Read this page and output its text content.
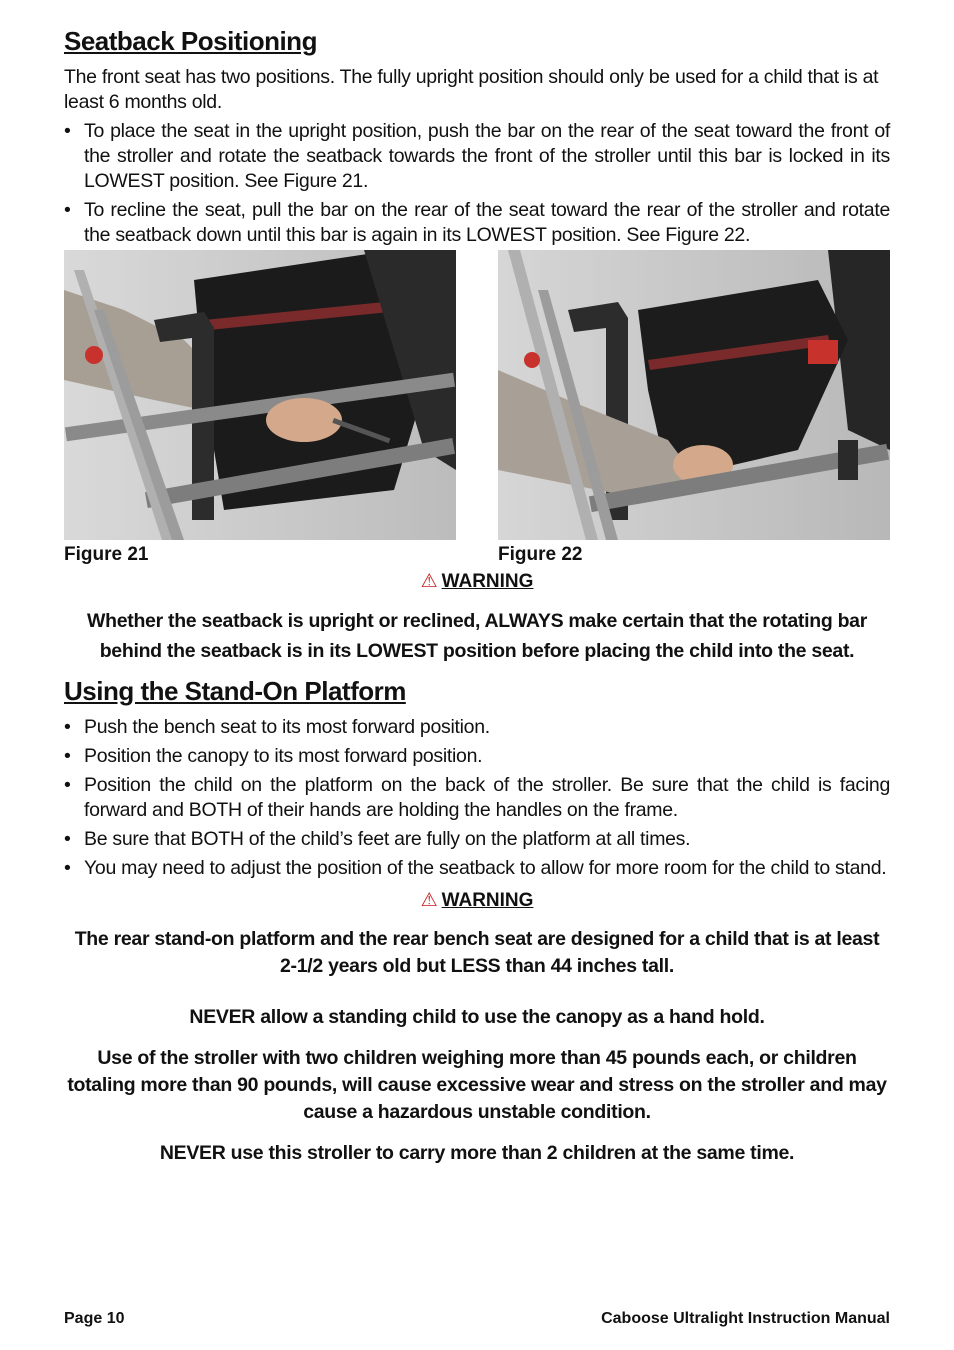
Seatback Positioning

The front seat has two positions. The fully upright position should only be used for a child that is at least 6 months old.

• To place the seat in the upright position, push the bar on the rear of the seat toward the front of the stroller and rotate the seatback towards the front of the stroller until this bar is locked in its LOWEST position. See Figure 21.
• To recline the seat, pull the bar on the rear of the seat toward the rear of the stroller and rotate the seatback down until this bar is again in its LOWEST position. See Figure 22.
Figure 21	Figure 22
⚠ WARNING

Whether the seatback is upright or reclined, ALWAYS make certain that the rotating bar behind the seatback is in its LOWEST position before placing the child into the seat.

Using the Stand-On Platform
• Push the bench seat to its most forward position.
• Position the canopy to its most forward position.
• Position the child on the platform on the back of the stroller. Be sure that the child is facing forward and BOTH of their hands are holding the handles on the frame.
• Be sure that BOTH of the child’s feet are fully on the platform at all times.
• You may need to adjust the position of the seatback to allow for more room for the child to stand.
⚠ WARNING

The rear stand-on platform and the rear bench seat are designed for a child that is at least 2-1/2 years old but LESS than 44 inches tall.

NEVER allow a standing child to use the canopy as a hand hold.

Use of the stroller with two children weighing more than 45 pounds each, or children totaling more than 90 pounds, will cause excessive wear and stress on the stroller and may cause a hazardous unstable condition.

NEVER use this stroller to carry more than 2 children at the same time.

Page 10	Caboose Ultralight Instruction Manual
